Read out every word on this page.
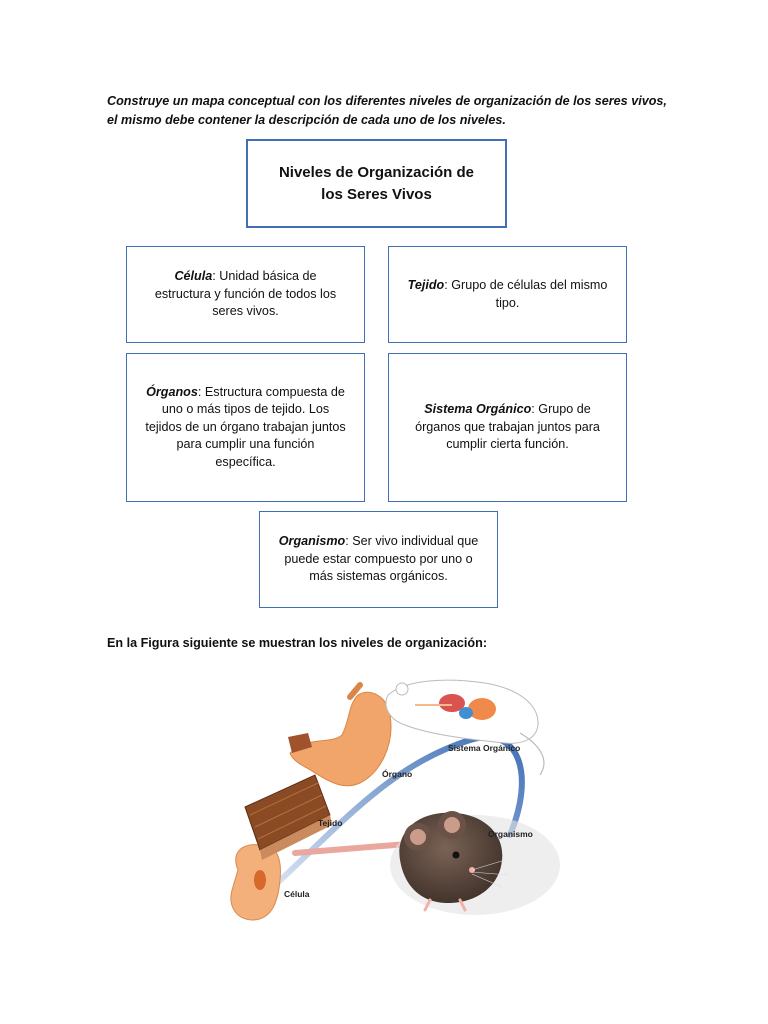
Construye un mapa conceptual con los diferentes niveles de organización de los seres vivos, el mismo debe contener la descripción de cada uno de los niveles.
Niveles de Organización de
los Seres Vivos
Célula: Unidad básica de estructura y función de todos los seres vivos.
Tejido: Grupo de células del mismo tipo.
Órganos: Estructura compuesta de uno o más tipos de tejido. Los tejidos de un órgano trabajan juntos para cumplir una función específica.
Sistema Orgánico: Grupo de órganos que trabajan juntos para cumplir cierta función.
Organismo: Ser vivo individual que puede estar compuesto por uno o más sistemas orgánicos.
En la Figura siguiente se muestran los niveles de organización:
Célula
Tejido
Órgano
Sistema Orgánico
Organismo
